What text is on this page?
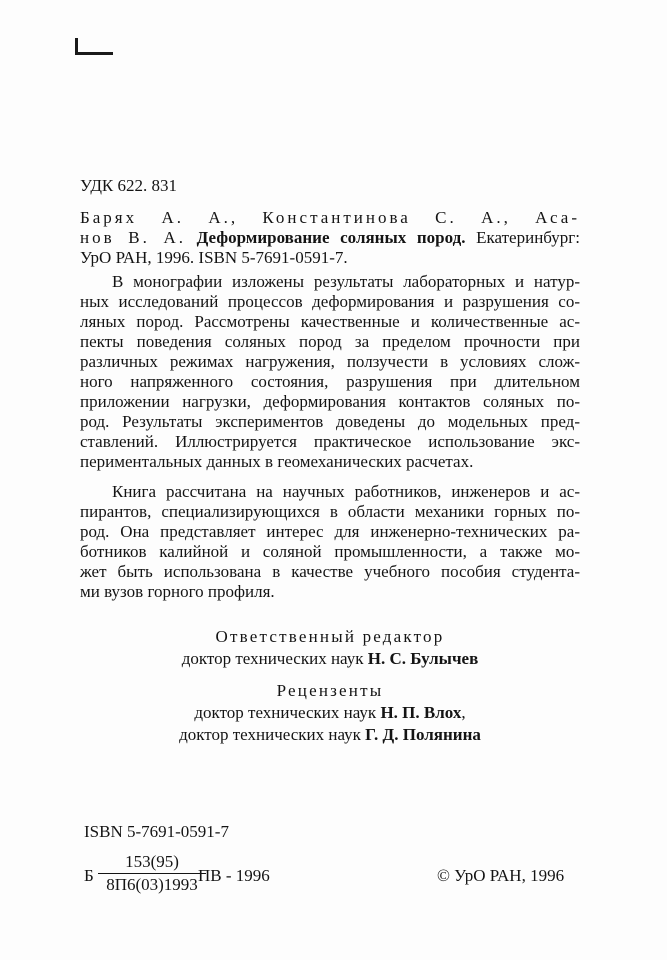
УДК 622. 831
Барях А. А., Константинова С. А., Аса-
нов В. А. Деформирование соляных пород. Екатеринбург:
УрО РАН, 1996. ISBN 5-7691-0591-7.
В монографии изложены результаты лабораторных и натур-
ных исследований процессов деформирования и разрушения со-
ляных пород. Рассмотрены качественные и количественные ас-
пекты поведения соляных пород за пределом прочности при
различных режимах нагружения, ползучести в условиях слож-
ного напряженного состояния, разрушения при длительном
приложении нагрузки, деформирования контактов соляных по-
род. Результаты экспериментов доведены до модельных пред-
ставлений. Иллюстрируется практическое использование экс-
периментальных данных в геомеханических расчетах.
Книга рассчитана на научных работников, инженеров и ас-
пирантов, специализирующихся в области механики горных по-
род. Она представляет интерес для инженерно-технических ра-
ботников калийной и соляной промышленности, а также мо-
жет быть использована в качестве учебного пособия студента-
ми вузов горного профиля.
Ответственный редактор
доктор технических наук Н. С. Булычев
Рецензенты
доктор технических наук Н. П. Влох,
доктор технических наук Г. Д. Полянина
ISBN 5-7691-0591-7
Б
153(95)
8П6(03)1993 ПВ - 1996	© УрО РАН, 1996
